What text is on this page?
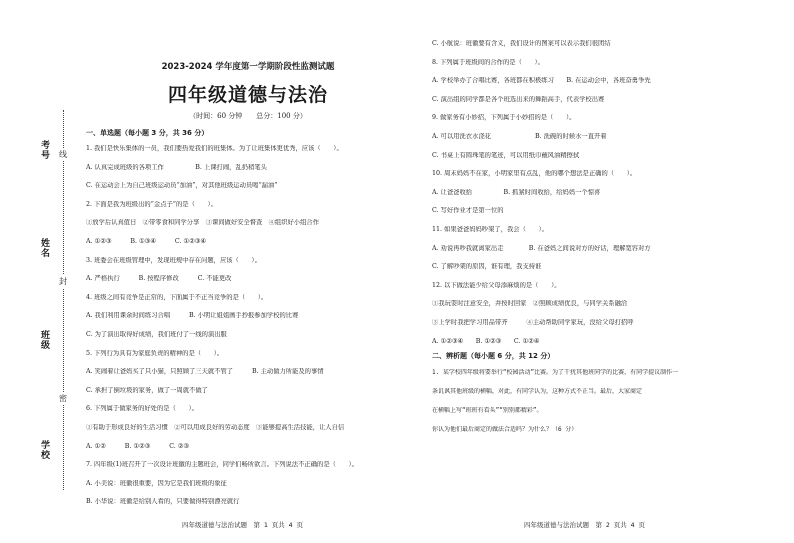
考号
姓名
班级
学校
线
封
密
2023-2024 学年度第一学期阶段性监测试题
四年级道德与法治
（时间：60 分钟　　总分：100 分）
一、单选题（每小题 3 分，共 36 分）
1. 我们是快乐集体的一员，我们要热爱我们的班集体。为了让班集体更优秀，应该（　　）。
A. 认真完成班级的各项工作　　　　　B. 上课打闹，乱扔稍笔头
C. 在运动会上为自己班级运动员“加油”，对其他班级运动员喝“漏油”
2. 下面是我为班级出的“金点子”的是（　　）。
①放学后认真值日　②带零食和同学分享　③课间做好安全督查　④组织好小组合作
A. ①②③　　　B. ①③④　　　C. ①②③④
3. 班委会在班级管理中，发现班规中存在问题，应该（　　）。
A. 严格执行　　　B. 按程序修改　　　C. 不能更改
4. 班级之间有竞争是正常的，下面属于不正当竞争的是（　　）。
A. 我们利用课余时间练习合唱　　　B. 小明让姐姐画手抄报参加学校的比赛
C. 为了演出取得好成绩，我们班付了一线的演出服
5. 下列行为具有为家庭负责的精神的是（　　）。
A. 笑闹着让爸妈买了只小猫，只照顾了三天就不管了　　　B. 主动做力所能及的事情
C. 承担了倒垃圾的家务，做了一周就不做了
6. 下列属于做家务的好处的是（　　）。
①有助于形成良好的生活习惯　②可以用成良好的劳动态度　③能够提高生活技能，让人自信
A. ①②　　　B. ①②③　　　C. ②③
7. 四年级(1)班召开了一次设计班徽的主题班会，同学们畅所欲言。下列说法不正确的是（　　）。
A. 小美说：班徽很重要，因为它是我们班级的象征
B. 小华说：班徽是给别人看的，只要做得特别漂亮就行
四年级道德与法治试题　第 1 页共 4 页
C. 小航说：班徽要有含义，我们设计的图案可以表示我们很团结
8. 下列属于班级间的合作的是（　　）。
A. 学校举办了合唱比赛，各班都在积极练习　　B. 在运动会中，各班奋勇争先
C. 演出组的同学都是各个班选出来的舞蹈高手，代表学校出赛
9. 做家务有小妙招，下列属于小妙招的是（　　）。
A. 可以用洗衣水浇花　　　　　　　B. 洗碗的时候水一直开着
C. 书桌上有圆珠笔的笔迹，可以用纸巾蘸风油精擦拭
10. 周末妈妈不在家，小明家里有点乱，他的哪个想法是正确的（　　）。
A. 让爸爸收拾　　　　　B. 抓紧时间收拾，给妈妈一个惊喜
C. 写好作业才是第一位的
11. 如果爸爸妈妈吵架了，我会（　　）。
A. 劝说再吵我就离家出走　　　　B. 在爸妈之间说对方的好话，理解宽容对方
C. 了解吵架的原因，谁有理，我支持谁
12. 以下做法能少给父母添麻烦的是（　　）。
①我玩耍时注意安全，并按时回家　②照顾成绩优良，与同学关系融洽
③上学时我把学习用品带齐　　　④主动帮助同学家玩，没给父母打招呼
A. ①②③④　　B. ①②③　　C. ①②④
二、辨析题（每小题 6 分，共 12 分）
1. 某学校四年级将要举行“校园活动”比赛。为了干扰其他班同学的比赛，有同学提议制作一
条讥讽其他班级的横幅，对此，有同学认为，这种方式不正当。最后，大家商定
在横幅上写“班班有看头”“别别都精彩”。
你认为他们最后商定的做法合适吗？为什么？（6 分）
四年级道德与法治试题　第 2 页共 4 页
